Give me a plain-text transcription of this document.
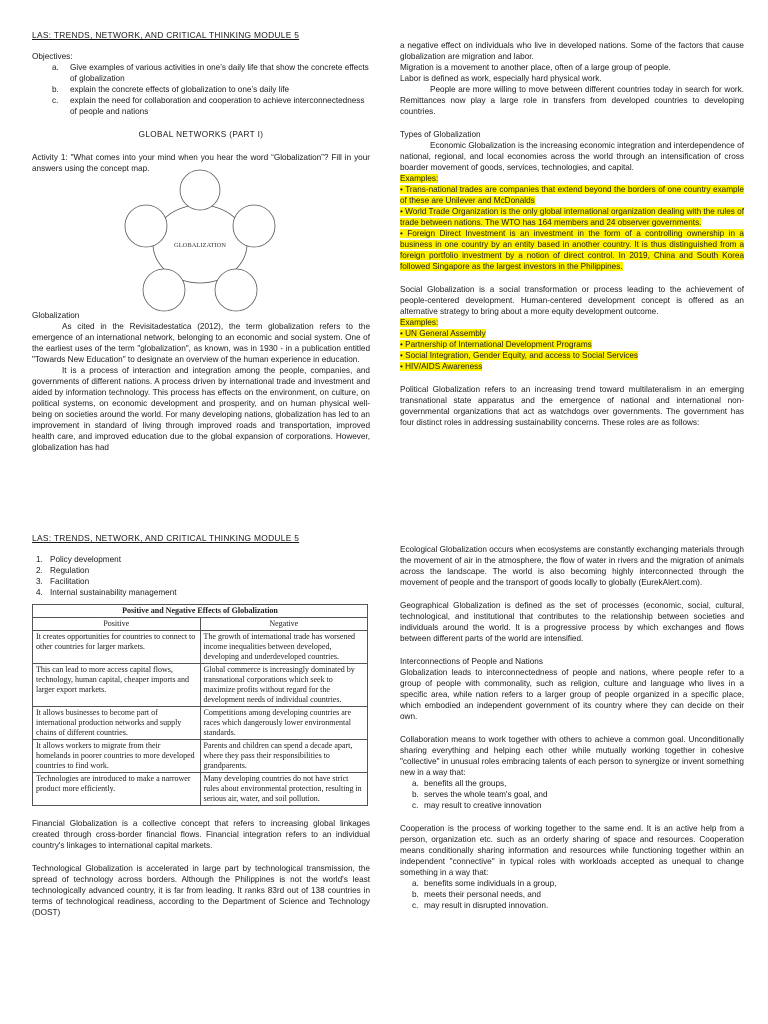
LAS: TRENDS, NETWORK, AND CRITICAL THINKING MODULE 5

Objectives:

a.	Give examples of various activities in one’s daily life that show the concrete effects of globalization
b.	explain the concrete effects of globalization to one’s daily life
c.	explain the need for collaboration and cooperation to achieve interconnectedness of people and nations

GLOBAL NETWORKS (PART I)

Activity 1: "What comes into your mind when you hear the word “Globalization”? Fill in your answers using the concept map.

GLOBALIZATION

Globalization

As cited in the Revisitadestatica (2012), the term globalization refers to the emergence of an international network, belonging to an economic and social system. One of the earliest uses of the term "globalization", as known, was in 1930 - in a publication entitled "Towards New Education" to designate an overview of the human experience in education.

It is a process of interaction and integration among the people, companies, and governments of different nations. A process driven by international trade and investment and aided by information technology. This process has effects on the environment, on culture, on political systems, on economic development and prosperity, and on human physical well-being on societies around the world. For many developing nations, globalization has led to an improvement in standard of living through improved roads and transportation, improved health care, and improved education due to the global expansion of corporations. However, globalization has had

a negative effect on individuals who live in developed nations. Some of the factors that cause globalization are migration and labor.

Migration is a movement to another place, often of a large group of people.

Labor is defined as work, especially hard physical work.

People are more willing to move between different countries today in search for work. Remittances now play a large role in transfers from developed countries to developing countries.

Types of Globalization

Economic Globalization is the increasing economic integration and interdependence of national, regional, and local economies across the world through an intensification of cross boarder movement of goods, services, technologies, and capital.

Examples:

• Trans-national trades are companies that extend beyond the borders of one country example of these are Unilever and McDonalds

• World Trade Organization is the only global international organization dealing with the rules of trade between nations. The WTO has 164 members and 24 observer governments.

• Foreign Direct Investment is an investment in the form of a controlling ownership in a business in one country by an entity based in another country. It is thus distinguished from a foreign portfolio investment by a notion of direct control. In 2019, China and South Korea followed Singapore as the largest investors in the Philippines.

Social Globalization is a social transformation or process leading to the achievement of people-centered development. Human-centered development concept is offered as an alternative strategy to bring about a more equity development outcome.

Examples:

• UN General Assembly

• Partnership of International Development Programs

• Social Integration, Gender Equity, and access to Social Services

• HIV/AIDS Awareness

Political Globalization refers to an increasing trend toward multilateralism in an emerging transnational state apparatus and the emergence of national and international non-governmental organizations that act as watchdogs over governments. The government has four distinct roles in addressing sustainability concerns. These roles are as follows:

LAS: TRENDS, NETWORK, AND CRITICAL THINKING MODULE 5

1. Policy development
2. Regulation
3. Facilitation
4. Internal sustainability management
Positive and Negative Effects of Globalization	
Positive	Negative
It creates opportunities for countries to connect to other countries for larger markets.	The growth of international trade has worsened income inequalities between developed, developing and underdeveloped countries.
This can lead to more access capital flows, technology, human capital, cheaper imports and larger export markets.	Global commerce is increasingly dominated by transnational corporations which seek to maximize profits without regard for the development needs of individual countries.
It allows businesses to become part of international production networks and supply chains of different countries.	Competitions among developing countries are races which dangerously lower environmental standards.
It allows workers to migrate from their homelands in poorer countries to more developed countries to find work.	Parents and children can spend a decade apart, where they pass their responsibilities to grandparents.
Technologies are introduced to make a narrower product more efficiently.	Many developing countries do not have strict rules about environmental protection, resulting in serious air, water, and soil pollution.

Financial Globalization is a collective concept that refers to increasing global linkages created through cross-border financial flows. Financial integration refers to an individual country's linkages to international capital markets.

Technological Globalization is accelerated in large part by technological transmission, the spread of technology across borders. Although the Philippines is not the world's least technologically advanced country, it is far from leading. It ranks 83rd out of 138 countries in terms of technological readiness, according to the Department of Science and Technology (DOST)

Ecological Globalization occurs when ecosystems are constantly exchanging materials through the movement of air in the atmosphere, the flow of water in rivers and the migration of animals across the landscape. The world is also becoming highly interconnected through the movement of people and the transport of goods locally to globally (EurekAlert.com).

Geographical Globalization is defined as the set of processes (economic, social, cultural, technological, and institutional that contributes to the relationship between societies and individuals around the world. It is a progressive process by which exchanges and flows between different parts of the world are intensified.

Interconnections of People and Nations

Globalization leads to interconnectedness of people and nations, where people refer to a group of people with commonality, such as religion, culture and language who lives in a specific area, while nation refers to a larger group of people organized in a specific place, which embodied an independent government of its country where they can decide on their own.

Collaboration means to work together with others to achieve a common goal. Unconditionally sharing everything and helping each other while mutually working together in cohesive "collective" in unusual roles embracing talents of each person to synergize or invent something new in a way that:

a. benefits all the groups,
b. serves the whole team's goal, and
c. may result to creative innovation

Cooperation is the process of working together to the same end. It is an active help from a person, organization etc. such as an orderly sharing of space and resources. Cooperation means conditionally sharing information and resources while functioning together within an independent "connective" in typical roles with workloads accepted as unequal to change something in a way that:

a. benefits some individuals in a group,
b. meets their personal needs, and
c. may result in disrupted innovation.
